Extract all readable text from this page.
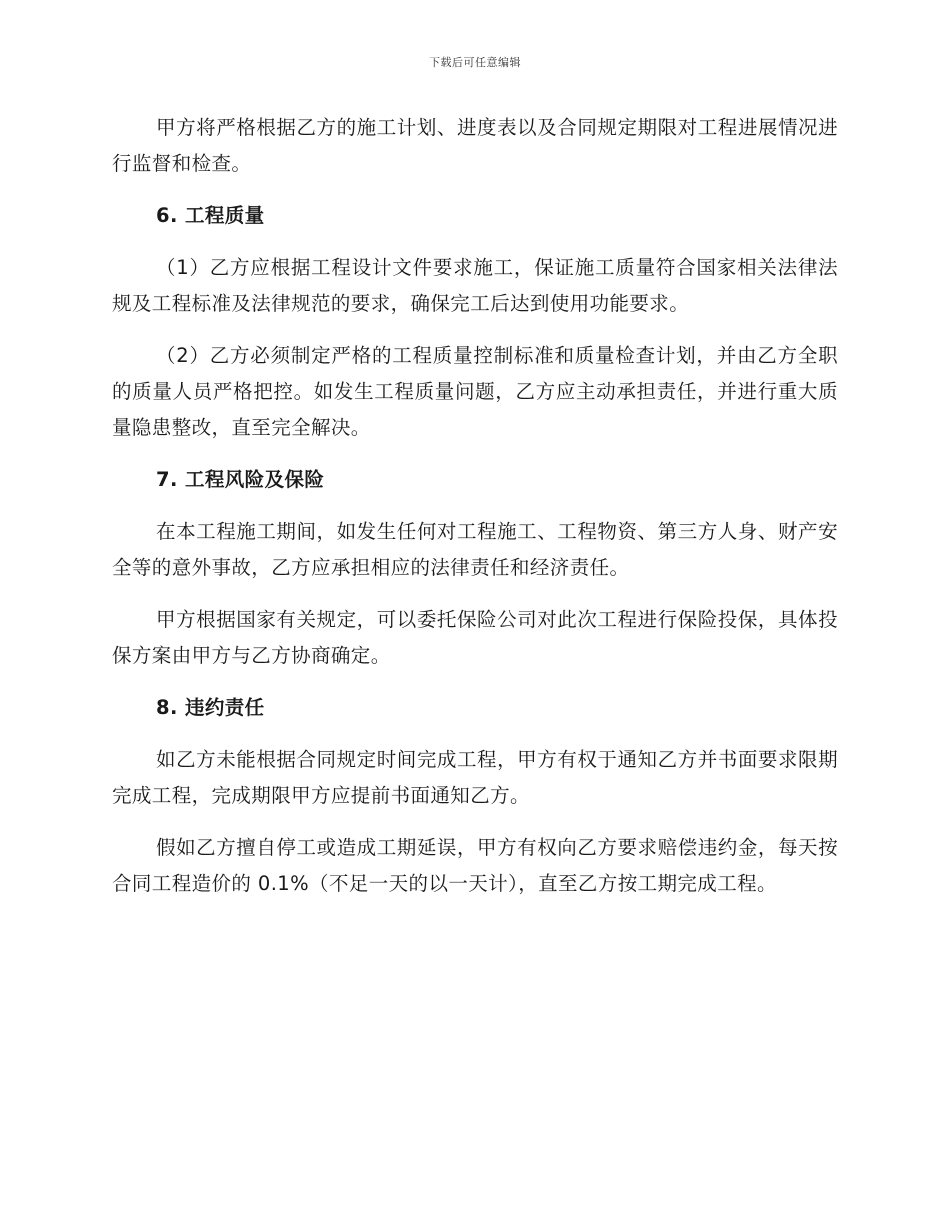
下载后可任意编辑

甲方将严格根据乙方的施工计划、进度表以及合同规定期限对工程进展情况进行监督和检查。

6. 工程质量

（1）乙方应根据工程设计文件要求施工，保证施工质量符合国家相关法律法规及工程标准及法律规范的要求，确保完工后达到使用功能要求。

（2）乙方必须制定严格的工程质量控制标准和质量检查计划，并由乙方全职的质量人员严格把控。如发生工程质量问题，乙方应主动承担责任，并进行重大质量隐患整改，直至完全解决。

7. 工程风险及保险

在本工程施工期间，如发生任何对工程施工、工程物资、第三方人身、财产安全等的意外事故，乙方应承担相应的法律责任和经济责任。

甲方根据国家有关规定，可以委托保险公司对此次工程进行保险投保，具体投保方案由甲方与乙方协商确定。

8. 违约责任

如乙方未能根据合同规定时间完成工程，甲方有权于通知乙方并书面要求限期完成工程，完成期限甲方应提前书面通知乙方。

假如乙方擅自停工或造成工期延误，甲方有权向乙方要求赔偿违约金，每天按合同工程造价的 0.1%（不足一天的以一天计），直至乙方按工期完成工程。
